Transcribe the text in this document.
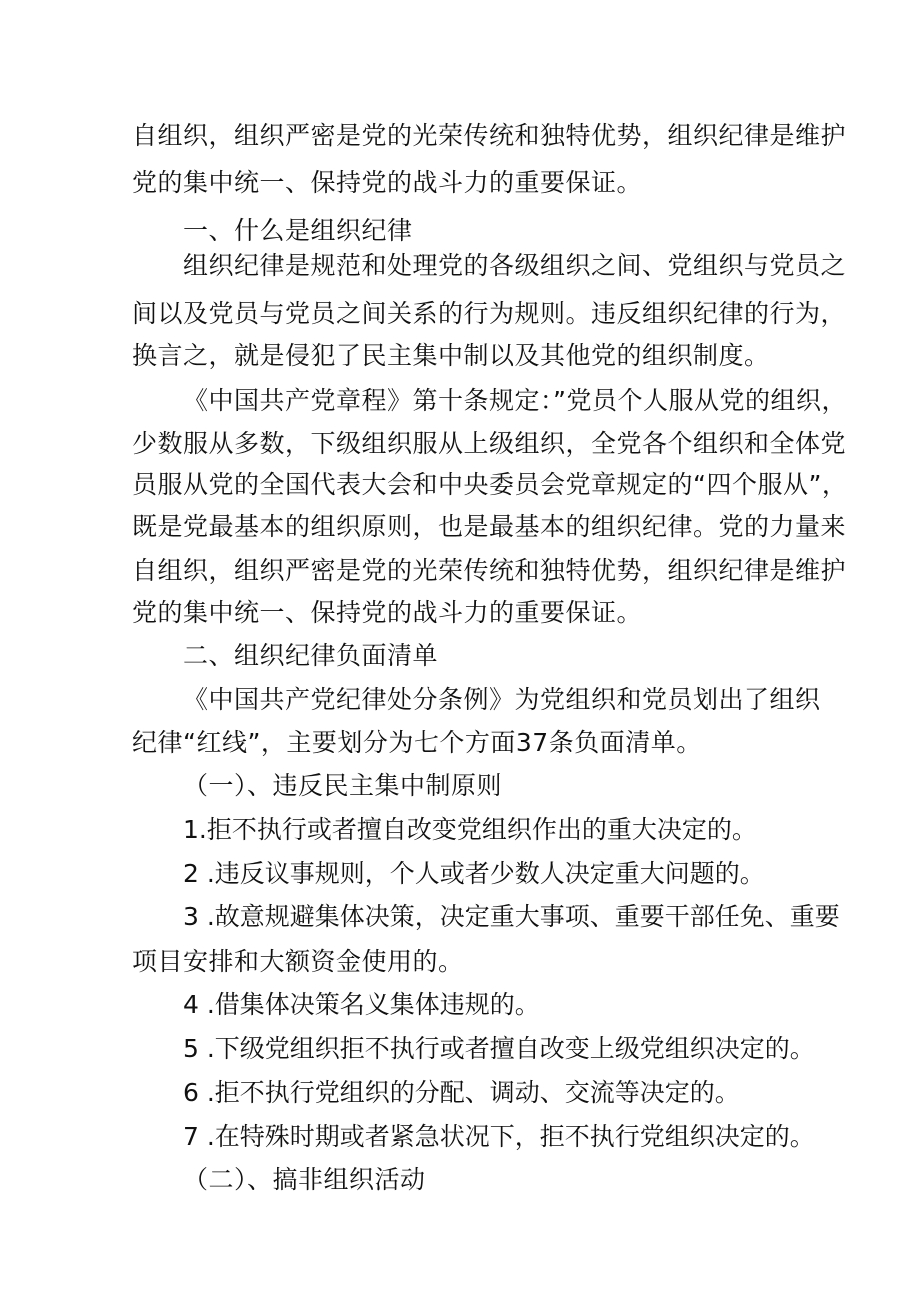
自组织，组织严密是党的光荣传统和独特优势，组织纪律是维护
党的集中统一、保持党的战斗力的重要保证。
一、什么是组织纪律
组织纪律是规范和处理党的各级组织之间、党组织与党员之
间以及党员与党员之间关系的行为规则。违反组织纪律的行为，
换言之，就是侵犯了民主集中制以及其他党的组织制度。
《中国共产党章程》第十条规定：”党员个人服从党的组织，
少数服从多数，下级组织服从上级组织，全党各个组织和全体党
员服从党的全国代表大会和中央委员会党章规定的“四个服从”，
既是党最基本的组织原则，也是最基本的组织纪律。党的力量来
自组织，组织严密是党的光荣传统和独特优势，组织纪律是维护
党的集中统一、保持党的战斗力的重要保证。
二、组织纪律负面清单
《中国共产党纪律处分条例》为党组织和党员划出了组织
纪律“红线”，主要划分为七个方面37条负面清单。
（一）、违反民主集中制原则
1.拒不执行或者擅自改变党组织作出的重大决定的。
2 .违反议事规则，个人或者少数人决定重大问题的。
3 .故意规避集体决策，决定重大事项、重要干部任免、重要
项目安排和大额资金使用的。
4 .借集体决策名义集体违规的。
5 .下级党组织拒不执行或者擅自改变上级党组织决定的。
6 .拒不执行党组织的分配、调动、交流等决定的。
7 .在特殊时期或者紧急状况下，拒不执行党组织决定的。
（二）、搞非组织活动
